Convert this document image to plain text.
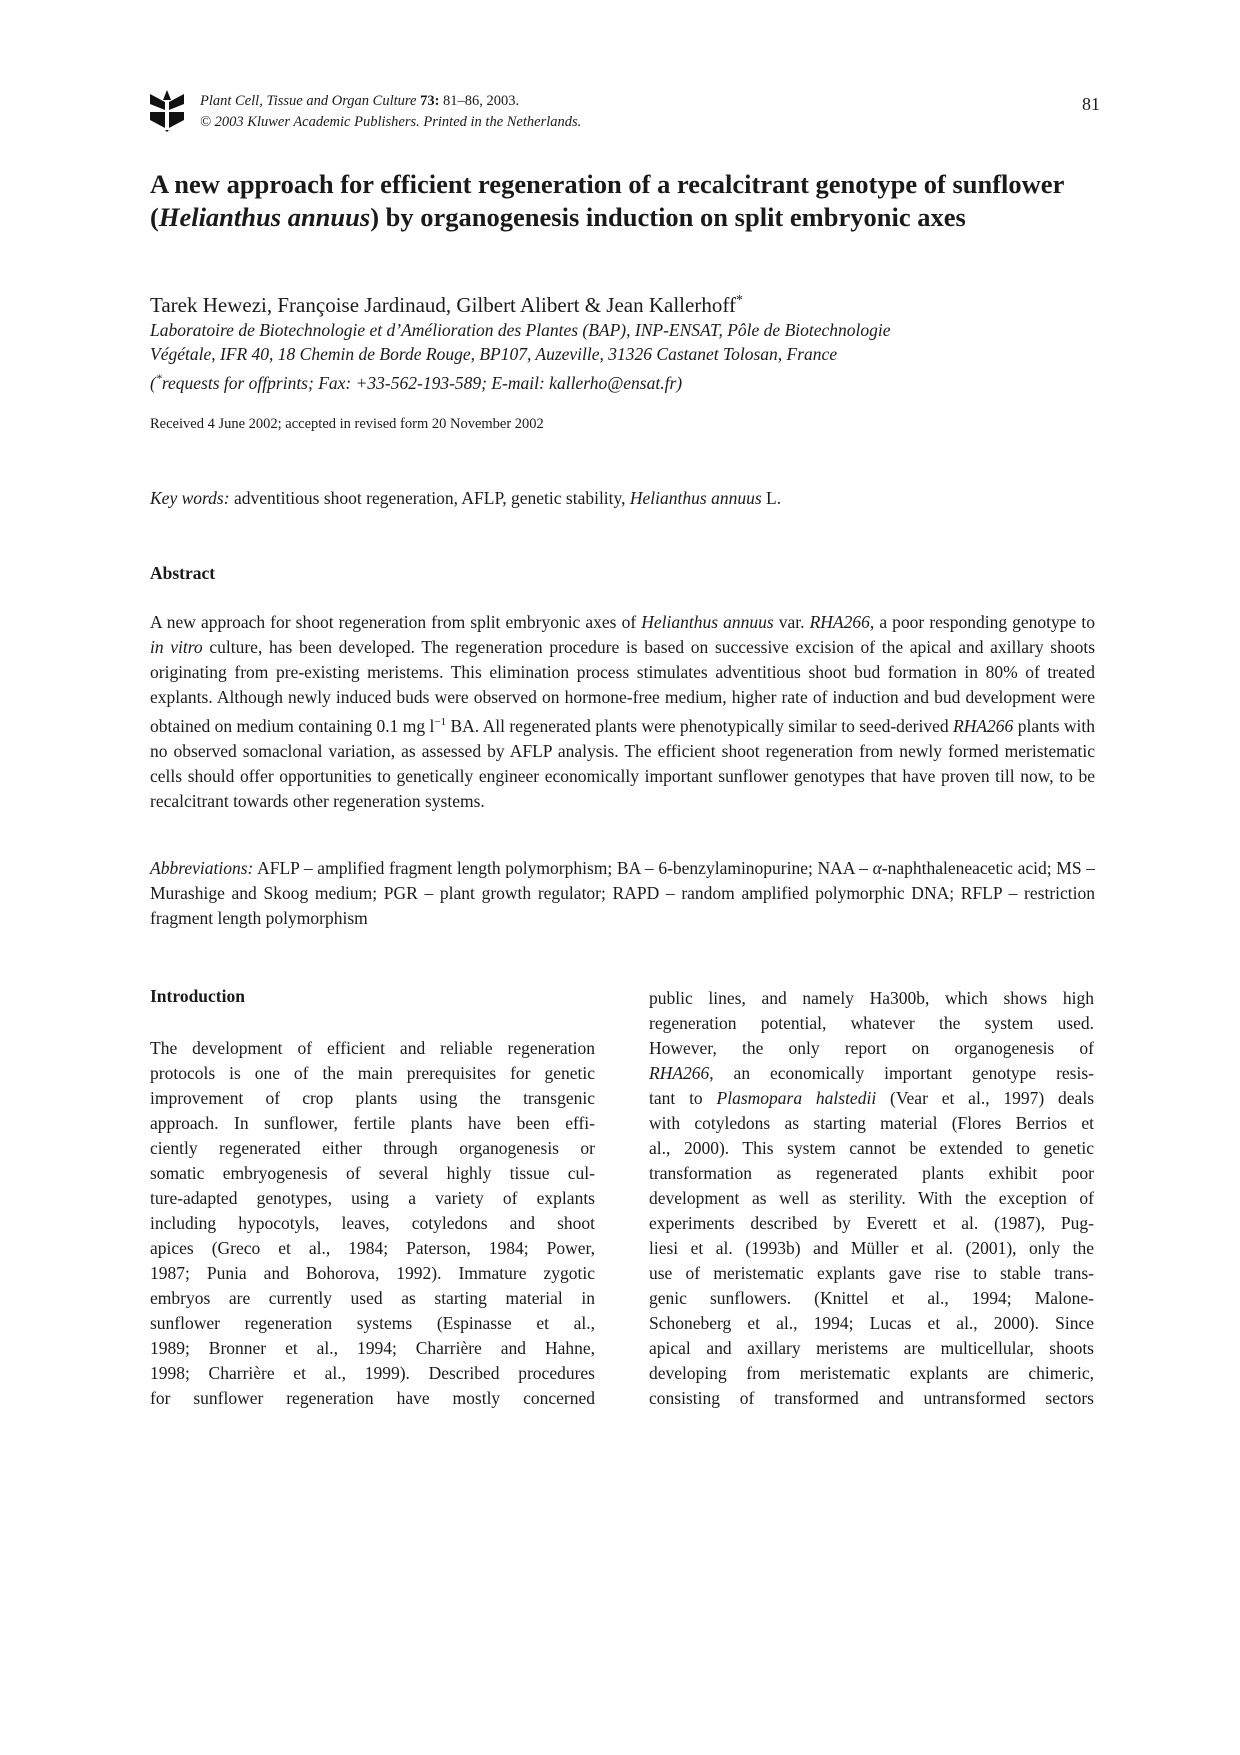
Plant Cell, Tissue and Organ Culture 73: 81–86, 2003.
© 2003 Kluwer Academic Publishers. Printed in the Netherlands.
81
A new approach for efficient regeneration of a recalcitrant genotype of sunflower (Helianthus annuus) by organogenesis induction on split embryonic axes
Tarek Hewezi, Françoise Jardinaud, Gilbert Alibert & Jean Kallerhoff*
Laboratoire de Biotechnologie et d’Amélioration des Plantes (BAP), INP-ENSAT, Pôle de Biotechnologie
Végétale, IFR 40, 18 Chemin de Borde Rouge, BP107, Auzeville, 31326 Castanet Tolosan, France
(*requests for offprints; Fax: +33-562-193-589; E-mail: kallerho@ensat.fr)
Received 4 June 2002; accepted in revised form 20 November 2002
Key words: adventitious shoot regeneration, AFLP, genetic stability, Helianthus annuus L.
Abstract

A new approach for shoot regeneration from split embryonic axes of Helianthus annuus var. RHA266, a poor responding genotype to in vitro culture, has been developed. The regeneration procedure is based on successive excision of the apical and axillary shoots originating from pre-existing meristems. This elimination process stimulates adventitious shoot bud formation in 80% of treated explants. Although newly induced buds were observed on hormone-free medium, higher rate of induction and bud development were obtained on medium containing 0.1 mg $l^{-1}$ BA. All regenerated plants were phenotypically similar to seed-derived RHA266 plants with no observed somaclonal variation, as assessed by AFLP analysis. The efficient shoot regeneration from newly formed meristematic cells should offer opportunities to genetically engineer economically important sunflower genotypes that have proven till now, to be recalcitrant towards other regeneration systems.

Abbreviations: AFLP – amplified fragment length polymorphism; BA – 6-benzylaminopurine; NAA – α-naphthaleneacetic acid; MS – Murashige and Skoog medium; PGR – plant growth regulator; RAPD – random amplified polymorphic DNA; RFLP – restriction fragment length polymorphism

Introduction
The development of efficient and reliable regeneration
protocols is one of the main prerequisites for genetic
improvement of crop plants using the transgenic
approach. In sunflower, fertile plants have been effi-
ciently regenerated either through organogenesis or
somatic embryogenesis of several highly tissue cul-
ture-adapted genotypes, using a variety of explants
including hypocotyls, leaves, cotyledons and shoot
apices (Greco et al., 1984; Paterson, 1984; Power,
1987; Punia and Bohorova, 1992). Immature zygotic
embryos are currently used as starting material in
sunflower regeneration systems (Espinasse et al.,
1989; Bronner et al., 1994; Charrière and Hahne,
1998; Charrière et al., 1999). Described procedures
for sunflower regeneration have mostly concerned
public lines, and namely Ha300b, which shows high
regeneration potential, whatever the system used.
However, the only report on organogenesis of
RHA266, an economically important genotype resis-
tant to Plasmopara halstedii (Vear et al., 1997) deals
with cotyledons as starting material (Flores Berrios et
al., 2000). This system cannot be extended to genetic
transformation as regenerated plants exhibit poor
development as well as sterility. With the exception of
experiments described by Everett et al. (1987), Pug-
liesi et al. (1993b) and Müller et al. (2001), only the
use of meristematic explants gave rise to stable trans-
genic sunflowers. (Knittel et al., 1994; Malone-
Schoneberg et al., 1994; Lucas et al., 2000). Since
apical and axillary meristems are multicellular, shoots
developing from meristematic explants are chimeric,
consisting of transformed and untransformed sectors
